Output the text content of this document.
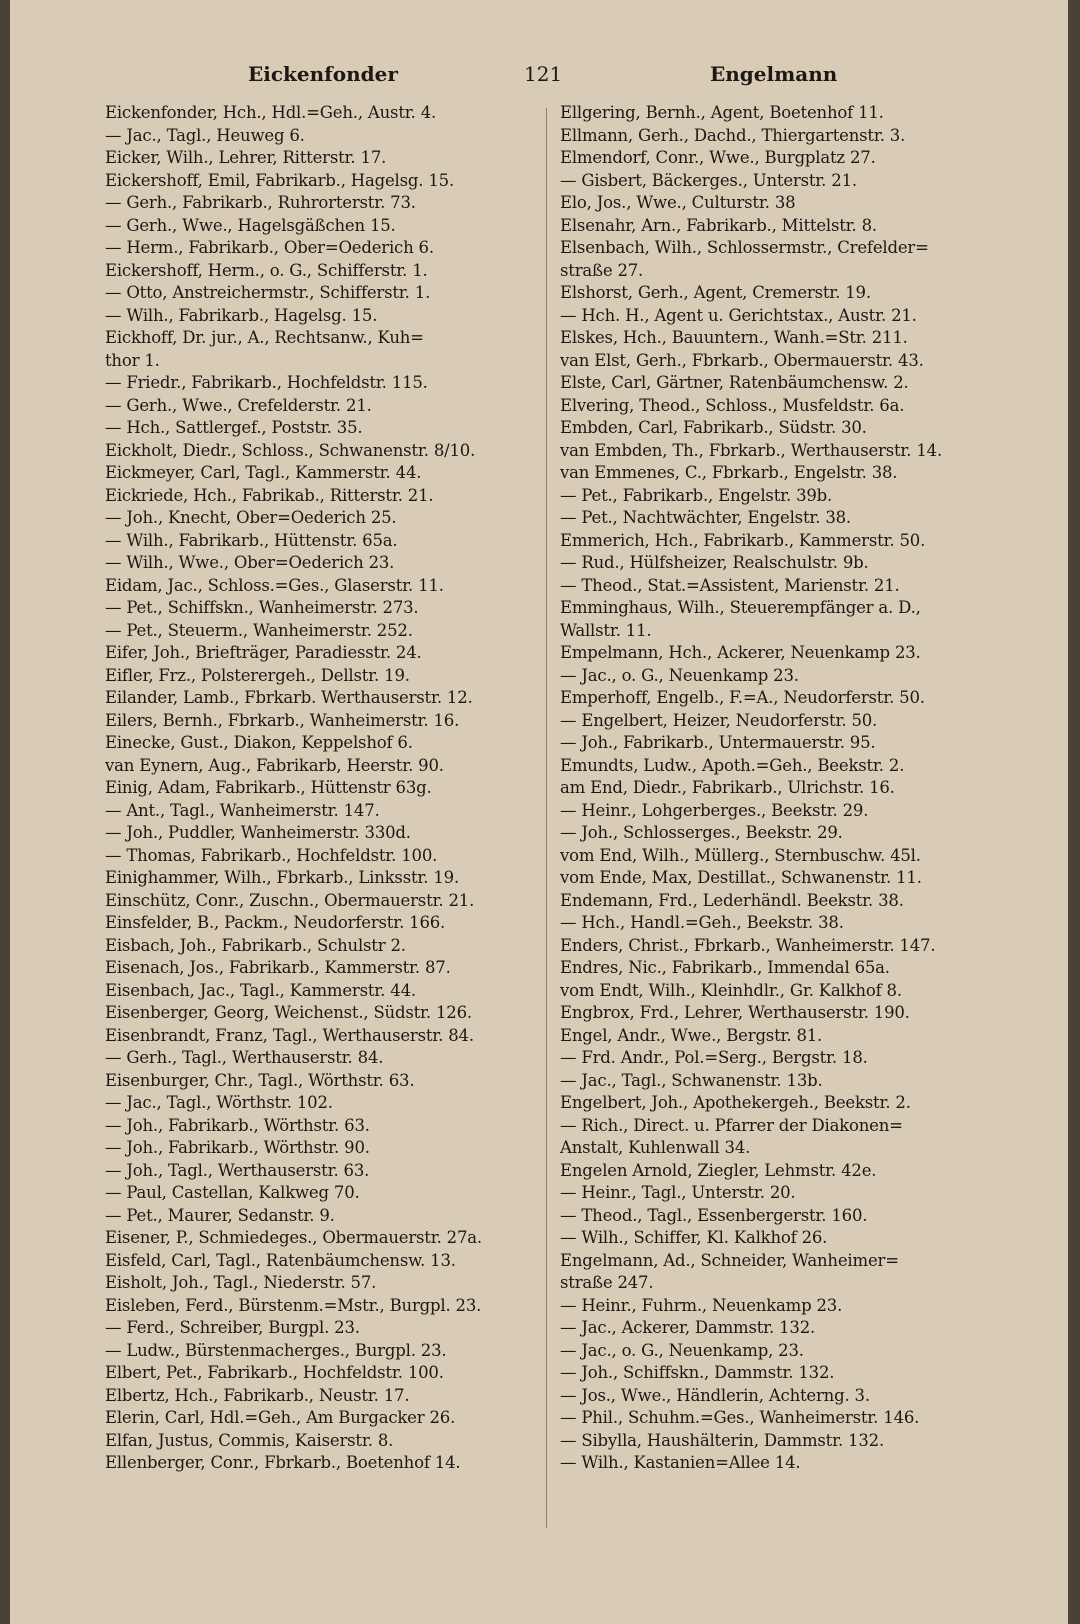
Eickenfonder	121	Engelmann
Eickenfonder, Hch., Hdl.=Geh., Austr. 4.
— Jac., Tagl., Heuweg 6.
Eicker, Wilh., Lehrer, Ritterstr. 17.
Eickershoff, Emil, Fabrikarb., Hagelsg. 15.
— Gerh., Fabrikarb., Ruhrorterstr. 73.
— Gerh., Wwe., Hagelsgäßchen 15.
— Herm., Fabrikarb., Ober=Oederich 6.
Eickershoff, Herm., o. G., Schifferstr. 1.
— Otto, Anstreichermstr., Schifferstr. 1.
— Wilh., Fabrikarb., Hagelsg. 15.
Eickhoff, Dr. jur., A., Rechtsanw., Kuh=
thor 1.
— Friedr., Fabrikarb., Hochfeldstr. 115.
— Gerh., Wwe., Crefelderstr. 21.
— Hch., Sattlergef., Poststr. 35.
Eickholt, Diedr., Schloss., Schwanenstr. 8/10.
Eickmeyer, Carl, Tagl., Kammerstr. 44.
Eickriede, Hch., Fabrikab., Ritterstr. 21.
— Joh., Knecht, Ober=Oederich 25.
— Wilh., Fabrikarb., Hüttenstr. 65a.
— Wilh., Wwe., Ober=Oederich 23.
Eidam, Jac., Schloss.=Ges., Glaserstr. 11.
— Pet., Schiffskn., Wanheimerstr. 273.
— Pet., Steuerm., Wanheimerstr. 252.
Eifer, Joh., Briefträger, Paradiesstr. 24.
Eifler, Frz., Polsterergeh., Dellstr. 19.
Eilander, Lamb., Fbrkarb. Werthauserstr. 12.
Eilers, Bernh., Fbrkarb., Wanheimerstr. 16.
Einecke, Gust., Diakon, Keppelshof 6.
van Eynern, Aug., Fabrikarb, Heerstr. 90.
Einig, Adam, Fabrikarb., Hüttenstr 63g.
— Ant., Tagl., Wanheimerstr. 147.
— Joh., Puddler, Wanheimerstr. 330d.
— Thomas, Fabrikarb., Hochfeldstr. 100.
Einighammer, Wilh., Fbrkarb., Linksstr. 19.
Einschütz, Conr., Zuschn., Obermauerstr. 21.
Einsfelder, B., Packm., Neudorferstr. 166.
Eisbach, Joh., Fabrikarb., Schulstr 2.
Eisenach, Jos., Fabrikarb., Kammerstr. 87.
Eisenbach, Jac., Tagl., Kammerstr. 44.
Eisenberger, Georg, Weichenst., Südstr. 126.
Eisenbrandt, Franz, Tagl., Werthauserstr. 84.
— Gerh., Tagl., Werthauserstr. 84.
Eisenburger, Chr., Tagl., Wörthstr. 63.
— Jac., Tagl., Wörthstr. 102.
— Joh., Fabrikarb., Wörthstr. 63.
— Joh., Fabrikarb., Wörthstr. 90.
— Joh., Tagl., Werthauserstr. 63.
— Paul, Castellan, Kalkweg 70.
— Pet., Maurer, Sedanstr. 9.
Eisener, P., Schmiedeges., Obermauerstr. 27a.
Eisfeld, Carl, Tagl., Ratenbäumchensw. 13.
Eisholt, Joh., Tagl., Niederstr. 57.
Eisleben, Ferd., Bürstenm.=Mstr., Burgpl. 23.
— Ferd., Schreiber, Burgpl. 23.
— Ludw., Bürstenmacherges., Burgpl. 23.
Elbert, Pet., Fabrikarb., Hochfeldstr. 100.
Elbertz, Hch., Fabrikarb., Neustr. 17.
Elerin, Carl, Hdl.=Geh., Am Burgacker 26.
Elfan, Justus, Commis, Kaiserstr. 8.
Ellenberger, Conr., Fbrkarb., Boetenhof 14.
Ellgering, Bernh., Agent, Boetenhof 11.
Ellmann, Gerh., Dachd., Thiergartenstr. 3.
Elmendorf, Conr., Wwe., Burgplatz 27.
— Gisbert, Bäckerges., Unterstr. 21.
Elo, Jos., Wwe., Culturstr. 38
Elsenahr, Arn., Fabrikarb., Mittelstr. 8.
Elsenbach, Wilh., Schlossermstr., Crefelder=
straße 27.
Elshorst, Gerh., Agent, Cremerstr. 19.
— Hch. H., Agent u. Gerichtstax., Austr. 21.
Elskes, Hch., Bauuntern., Wanh.=Str. 211.
van Elst, Gerh., Fbrkarb., Obermauerstr. 43.
Elste, Carl, Gärtner, Ratenbäumchensw. 2.
Elvering, Theod., Schloss., Musfeldstr. 6a.
Embden, Carl, Fabrikarb., Südstr. 30.
van Embden, Th., Fbrkarb., Werthauserstr. 14.
van Emmenes, C., Fbrkarb., Engelstr. 38.
— Pet., Fabrikarb., Engelstr. 39b.
— Pet., Nachtwächter, Engelstr. 38.
Emmerich, Hch., Fabrikarb., Kammerstr. 50.
— Rud., Hülfsheizer, Realschulstr. 9b.
— Theod., Stat.=Assistent, Marienstr. 21.
Emminghaus, Wilh., Steuerempfänger a. D.,
Wallstr. 11.
Empelmann, Hch., Ackerer, Neuenkamp 23.
— Jac., o. G., Neuenkamp 23.
Emperhoff, Engelb., F.=A., Neudorferstr. 50.
— Engelbert, Heizer, Neudorferstr. 50.
— Joh., Fabrikarb., Untermauerstr. 95.
Emundts, Ludw., Apoth.=Geh., Beekstr. 2.
am End, Diedr., Fabrikarb., Ulrichstr. 16.
— Heinr., Lohgerberges., Beekstr. 29.
— Joh., Schlosserges., Beekstr. 29.
vom End, Wilh., Müllerg., Sternbuschw. 45l.
vom Ende, Max, Destillat., Schwanenstr. 11.
Endemann, Frd., Lederhändl. Beekstr. 38.
— Hch., Handl.=Geh., Beekstr. 38.
Enders, Christ., Fbrkarb., Wanheimerstr. 147.
Endres, Nic., Fabrikarb., Immendal 65a.
vom Endt, Wilh., Kleinhdlr., Gr. Kalkhof 8.
Engbrox, Frd., Lehrer, Werthauserstr. 190.
Engel, Andr., Wwe., Bergstr. 81.
— Frd. Andr., Pol.=Serg., Bergstr. 18.
— Jac., Tagl., Schwanenstr. 13b.
Engelbert, Joh., Apothekergeh., Beekstr. 2.
— Rich., Direct. u. Pfarrer der Diakonen=
Anstalt, Kuhlenwall 34.
Engelen Arnold, Ziegler, Lehmstr. 42e.
— Heinr., Tagl., Unterstr. 20.
— Theod., Tagl., Essenbergerstr. 160.
— Wilh., Schiffer, Kl. Kalkhof 26.
Engelmann, Ad., Schneider, Wanheimer=
straße 247.
— Heinr., Fuhrm., Neuenkamp 23.
— Jac., Ackerer, Dammstr. 132.
— Jac., o. G., Neuenkamp, 23.
— Joh., Schiffskn., Dammstr. 132.
— Jos., Wwe., Händlerin, Achterng. 3.
— Phil., Schuhm.=Ges., Wanheimerstr. 146.
— Sibylla, Haushälterin, Dammstr. 132.
— Wilh., Kastanien=Allee 14.
